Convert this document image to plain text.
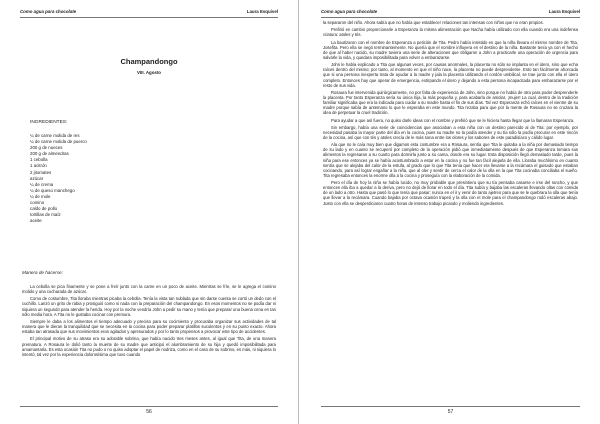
Como agua para chocolate	Laura Esquivel
Champandongo
VIII. Agosto
INGREDIENTES:
¼ de carne molida de res
¼ de carne molida de puerco
200 g de nueces
200 g de almendras
1 cebolla
1 acitrón
2 jitomates
azúcar
¼ de crema
¼ de queso manchego
¼ de mole
comino
caldo de pollo
tortillas de maíz
aceite
Manera de hacerse:

La cebolla se pica finamente y se pone a freír junto con la carne en un poco de aceite. Mientras se fríe, se le agrega el comino molido y una cucharada de azúcar.

Como de costumbre, Tita lloraba mientras picaba la cebolla. Tenía la vista tan nublada que sin darse cuenta se cortó un dedo con el cuchillo. Lanzó un grito de rabia y prosiguió como si nada con la preparación del champandongo. En esos momentos no se podía dar ni siquiera un segundo para atender la herida. Hoy por la noche vendría John a pedir su mano y tenía que preparar una buena cena en tan sólo media hora. A Tita no le gustaba cocinar con premura.

Siempre le daba a los alimentos el tiempo adecuado y preciso para su cocimiento y procuraba organizar sus actividades de tal manera que le dieran la tranquilidad que se necesita en la cocina para poder preparar platillos suculentos y en su punto exacto. Ahora estaba tan atrasada que sus movimientos eran agitados y apresurados y por lo tanto propensos a provocar este tipo de accidentes.

El principal motivo de su atraso era su adorable sobrina, que había nacido tres meses antes, al igual que Tita, de una manera prematura. A Rosaura le dolió tanto la muerte de su madre que anticipó el alumbramiento de su hija y quedó imposibilitada para amamantarla. Es esta ocasión Tita no pudo o no quiso adoptar el papel de nodriza, como en el caso de su sobrino, es más, ni siquiera lo intentó, tal vez por la experiencia dolorosísima que tuvo cuando

56
Como agua para chocolate	Laura Esquivel

la separaron del niño. Ahora sabía que no había que establecer relaciones tan intensas con niños que no eran propios.

Prefirió en cambio proporcionarle a Esperanza la misma alimentación que Nacha había utilizado con ella cuando era una indefensa criatura: atoles y tés.

La bautizaron con el nombre de Esperanza a petición de Tita. Pedro había insistido en que la niña llevara el mismo nombre de Tita, Josefita. Pero ella se negó terminantemente. No quería que el nombre influyera en el destino de la niña. Bastante tenía ya con el hecho de que al haber nacido, su madre tuviera una serie de alteraciones que obligaron a John a practicarle una operación de urgencia para salvarle la vida, y quedara imposibilitada para volver a embarazarse.

John le había explicado a Tita que algunas veces, por causas anormales, la placenta no sólo se implanta en el útero, sino que echa raíces dentro del mismo; por tanto, al momento en que el niño nace, la placenta no puede desprenderse. Esto tan fácilmente ahorcada que si una persona inexperta trata de ayudar a la madre y jala la placenta utilizando el cordón umbilical, se trae junto con ella el útero completo. Entonces hay que operar de emergencia, extirpando el útero y dejando a esta persona incapacitada para embarazarse por el resto de sus vida.

Rosaura fue intervenida quirúrgicamente, no por falta de experiencia de John, sino porque no había de otra para poder desprenderle la placenta. Por tanto Esperanza sería su única hija, la más pequeña y, para acabarla de amolar, ¡mujer! La cual, dentro de la tradición familiar significaba que era la indicada para cuidar a su madre hasta el fin de sus días. Tal vez Esperanza echó raíces en el vientre de su madre porque sabía de antemano lo que le esperaba en este mundo. Tita rezaba para que por la mente de Rosaura no se cruzara la idea de perpetuar la cruel tradición.

Para ayudar a que así fuera, no quiso darle ideas con el nombre y prefirió que se le hiciera hasta llegar que la llamaran Esperanza.

Sin embargo, había una serie de coincidencias que asociaban a esta niña con un destino parecido al de Tita: por ejemplo, por necesidad pasaba la mayor parte del día en la cocina, pues su madre no la podía atender y su tía sólo la podía procurar en este rincón de la cocina, así que con tés y atoles crecía de le más sona entre los olores y los sabores de este paradisíaco y cálido lugar.

Ala que no le caía muy bien que digamos esta costumbre era a Rosaura, sentía que Tita le quitaba a la niña por demasiado tiempo de su lado y en cuanto se recuperó por completo de la operación pidió que inmediatamente después de que Esperanza tomara sus alimentos la regresaran a su cuarto para dormirla junto a su cama, donde era su lugar. Esta disposición llegó demasiado tarde, pues la niña para ese entonces ya se había acostumbrado a estar en la cocina y no fue tan fácil alejarla de ella. Lloraba muchísimo en cuanto sentía que se alejaba del calor de la estufa, al grado que lo que Tita tenía que hacer era llevarse a la recámara el guisado que estaban cocinando, para así lograr engañar a la niña, que al oler y sentir de cerca el calor de la olla en la que Tita cocinaba conciliaba el sueño. Tita regresaba entonces la enorme olla a la cocina y proseguía con la elaboración de la comida.

Pero el día de hoy la niña se había lucido, no muy probable que presintiera que su tía pensaba casarse e irse del rancho, y que entonces ella iba a quedar a la deriva, pero no dejó de llorar en todo el día. Tita subía y bajaba las escaleras llevando ollas con comida de un lado a otro. Hasta que pasó lo que tenía que pasar; nunca en el ir y venir de tanto ajetreo para que se le quebrara la olla que tenía que llevar a la recámara. Cuando bajaba por octava ocasión trapeó y la olla con el mole para el champandongo rodó escaleras abajo. Justo con ella se desperdiciaron cuatro horas de intenso trabajo picando y moliendo ingredientes.

57
